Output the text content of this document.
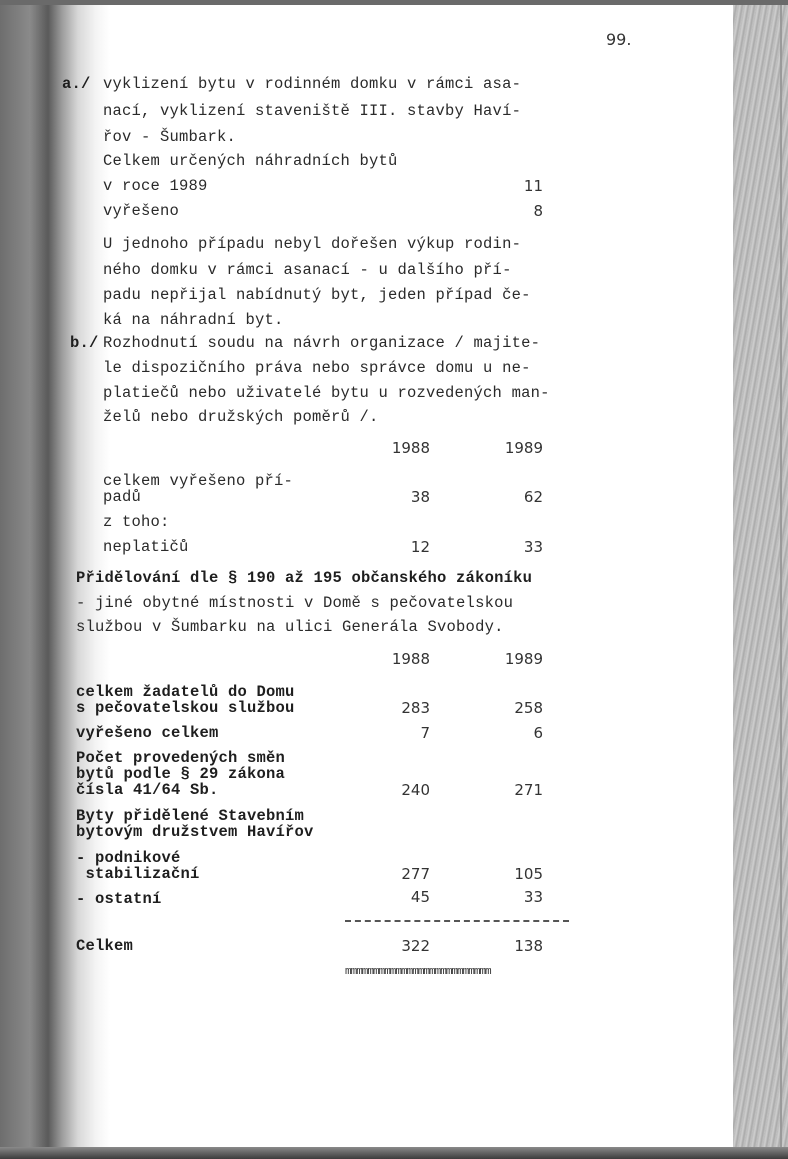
99.
a./ vyklizení bytu v rodinném domku v rámci asa-
nací, vyklizení staveniště III. stavby Haví-
řov - Šumbark.
Celkem určených náhradních bytů
v roce 1989	11
vyřešeno	8
U jednoho případu nebyl dořešen výkup rodin-
ného domku v rámci asanací - u dalšího pří-
padu nepřijal nabídnutý byt, jeden případ če-
ká na náhradní byt.
b./ Rozhodnutí soudu na návrh organizace / majite-
le dispozičního práva nebo správce domu u ne-
platiečů nebo uživatelé bytu u rozvedených man-
želů nebo družských poměrů /.
1988	1989
celkem vyřešeno pří-
padů	38	62
z toho:
neplatičů	12	33
Přidělování dle § 190 až 195 občanského zákoníku
- jiné obytné místnosti v Domě s pečovatelskou
službou v Šumbarku na ulici Generála Svobody.
1988	1989
celkem žadatelů do Domu
s pečovatelskou službou	283	258
vyřešeno celkem	7	6
Počet provedených směn
bytů podle § 29 zákona
čísla 41/64 Sb.	240	271
Byty přidělené Stavebním
bytovým družstvem Havířov
- podnikové
stabilizační	277	105
- ostatní	45	33
Celkem	322	138
mmmmmmmmmmmmmmmmmmmmmmmmmm
